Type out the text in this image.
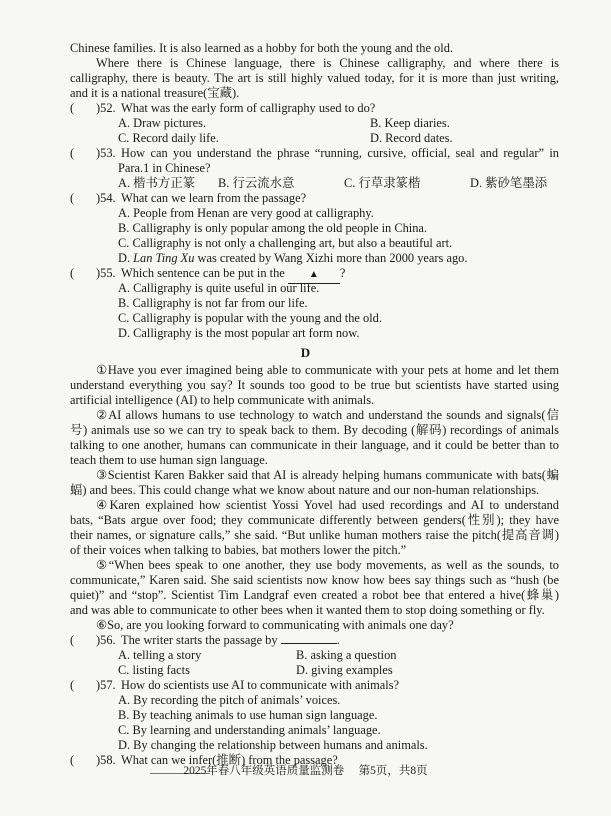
Chinese families. It is also learned as a hobby for both the young and the old.
Where there is Chinese language, there is Chinese calligraphy, and where there is
calligraphy, there is beauty. The art is still highly valued today, for it is more than just writing,
and it is a national treasure(宝藏).
( )52. What was the early form of calligraphy used to do?
A. Draw pictures.	B. Keep diaries.
C. Record daily life.	D. Record dates.
( )53. How can you understand the phrase “running, cursive, official, seal and regular” in
Para.1 in Chinese?
A. 楷书方正篆 B. 行云流水意	C. 行草隶篆楷	D. 紫砂笔墨添
( )54. What can we learn from the passage?
A. People from Henan are very good at calligraphy.
B. Calligraphy is only popular among the old people in China.
C. Calligraphy is not only a challenging art, but also a beautiful art.
D. Lan Ting Xu was created by Wang Xizhi more than 2000 years ago.
( )55. Which sentence can be put in the ▲ ?
A. Calligraphy is quite useful in our life.
B. Calligraphy is not far from our life.
C. Calligraphy is popular with the young and the old.
D. Calligraphy is the most popular art form now.
D
①Have you ever imagined being able to communicate with your pets at home and let them
understand everything you say? It sounds too good to be true but scientists have started using
artificial intelligence (AI) to help communicate with animals.
②AI allows humans to use technology to watch and understand the sounds and signals(信
号) animals use so we can try to speak back to them. By decoding (解码) recordings of animals
talking to one another, humans can communicate in their language, and it could be better than to
teach them to use human sign language.
③Scientist Karen Bakker said that AI is already helping humans communicate with bats(蝙
蝠) and bees. This could change what we know about nature and our non-human relationships.
④Karen explained how scientist Yossi Yovel had used recordings and AI to understand
bats, “Bats argue over food; they communicate differently between genders(性别); they have
their names, or signature calls,” she said. “But unlike human mothers raise the pitch(提高音调)
of their voices when talking to babies, bat mothers lower the pitch.”
⑤“When bees speak to one another, they use body movements, as well as the sounds, to
communicate,” Karen said. She said scientists now know how bees say things such as “hush (be
quiet)” and “stop”. Scientist Tim Landgraf even created a robot bee that entered a hive(蜂巢)
and was able to communicate to other bees when it wanted them to stop doing something or fly.
⑥So, are you looking forward to communicating with animals one day?
( )56. The writer starts the passage by	.
A. telling a story	B. asking a question
C. listing facts	D. giving examples
( )57. How do scientists use AI to communicate with animals?
A. By recording the pitch of animals’ voices.
B. By teaching animals to use human sign language.
C. By learning and understanding animals’ language.
D. By changing the relationship between humans and animals.
( )58. What can we infer(推断) from the passage?
2025年春八年级英语质量监测卷　 第5页，共8页
